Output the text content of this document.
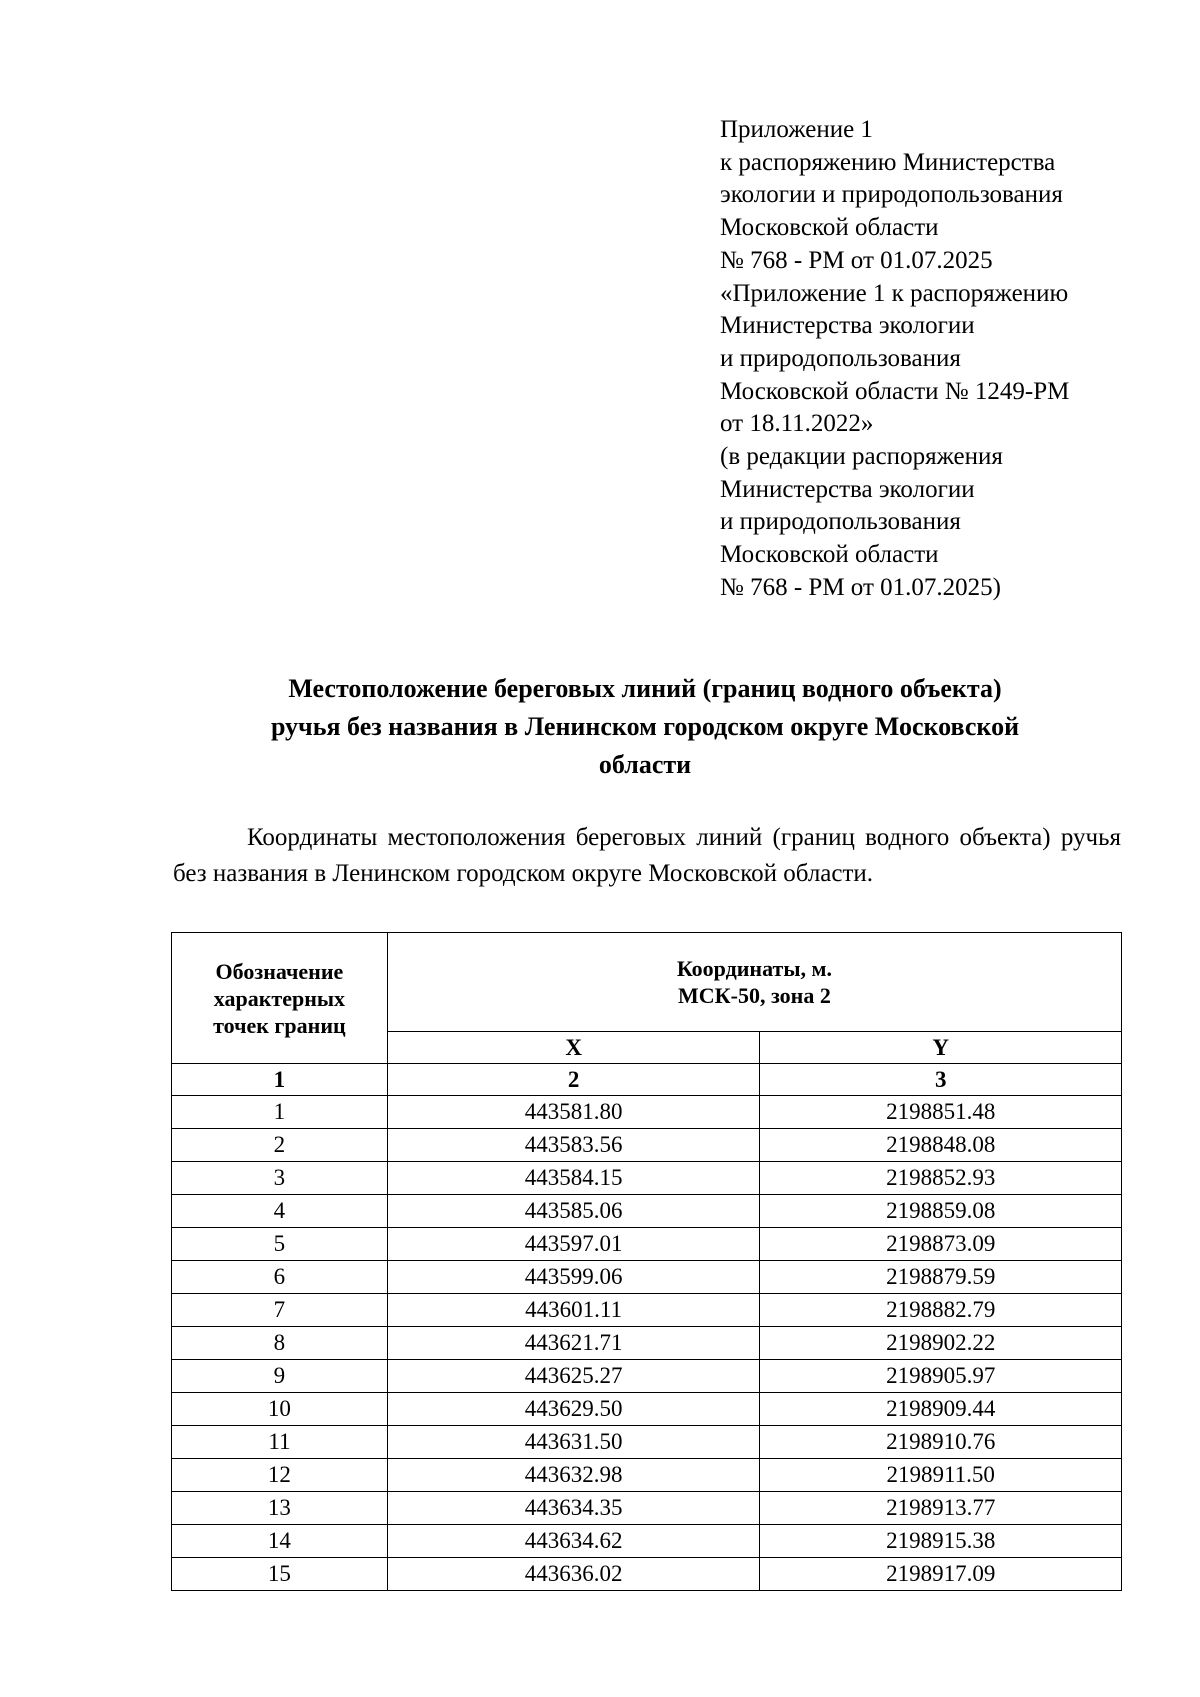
Приложение 1
к распоряжению Министерства
экологии и природопользования
Московской области
№ 768 - РМ от 01.07.2025
«Приложение 1 к распоряжению
Министерства экологии
и природопользования
Московской области № 1249-РМ
от 18.11.2022»
(в редакции распоряжения
Министерства экологии
и природопользования
Московской области
№ 768 - РМ от 01.07.2025)
Местоположение береговых линий (границ водного объекта)
ручья без названия в Ленинском городском округе Московской
области

Координаты местоположения береговых линий (границ водного объекта) ручья без названия в Ленинском городском округе Московской области.

Обозначение
характерных
точек границ	Координаты, м.
МСК-50, зона 2	

	X	Y
1	2	3
1	443581.80	2198851.48
2	443583.56	2198848.08
3	443584.15	2198852.93
4	443585.06	2198859.08
5	443597.01	2198873.09
6	443599.06	2198879.59
7	443601.11	2198882.79
8	443621.71	2198902.22
9	443625.27	2198905.97
10	443629.50	2198909.44
11	443631.50	2198910.76
12	443632.98	2198911.50
13	443634.35	2198913.77
14	443634.62	2198915.38
15	443636.02	2198917.09
